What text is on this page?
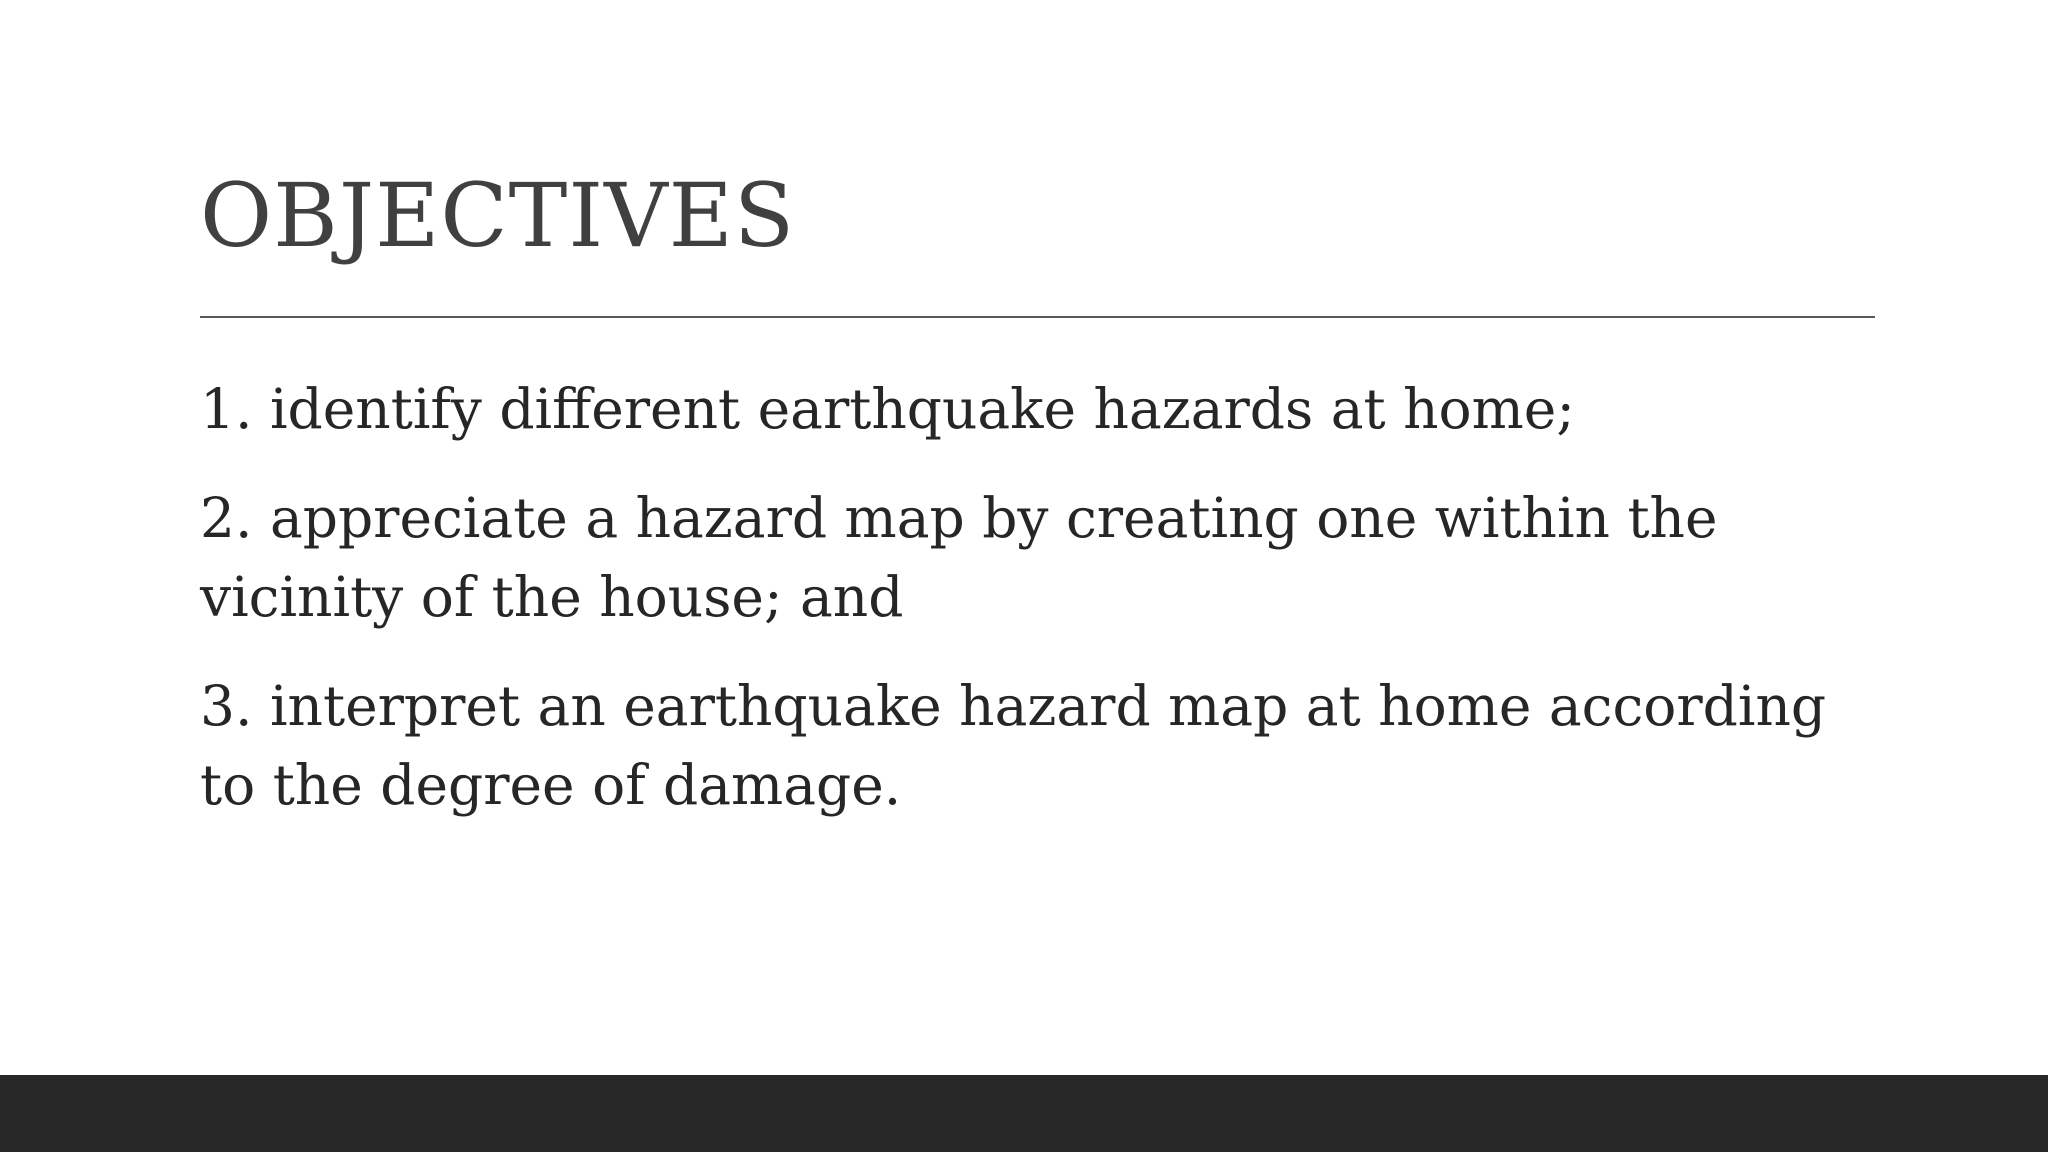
OBJECTIVES
1. identify different earthquake hazards at home;
2. appreciate a hazard map by creating one within the vicinity of the house; and
3. interpret an earthquake hazard map at home according to the degree of damage.
